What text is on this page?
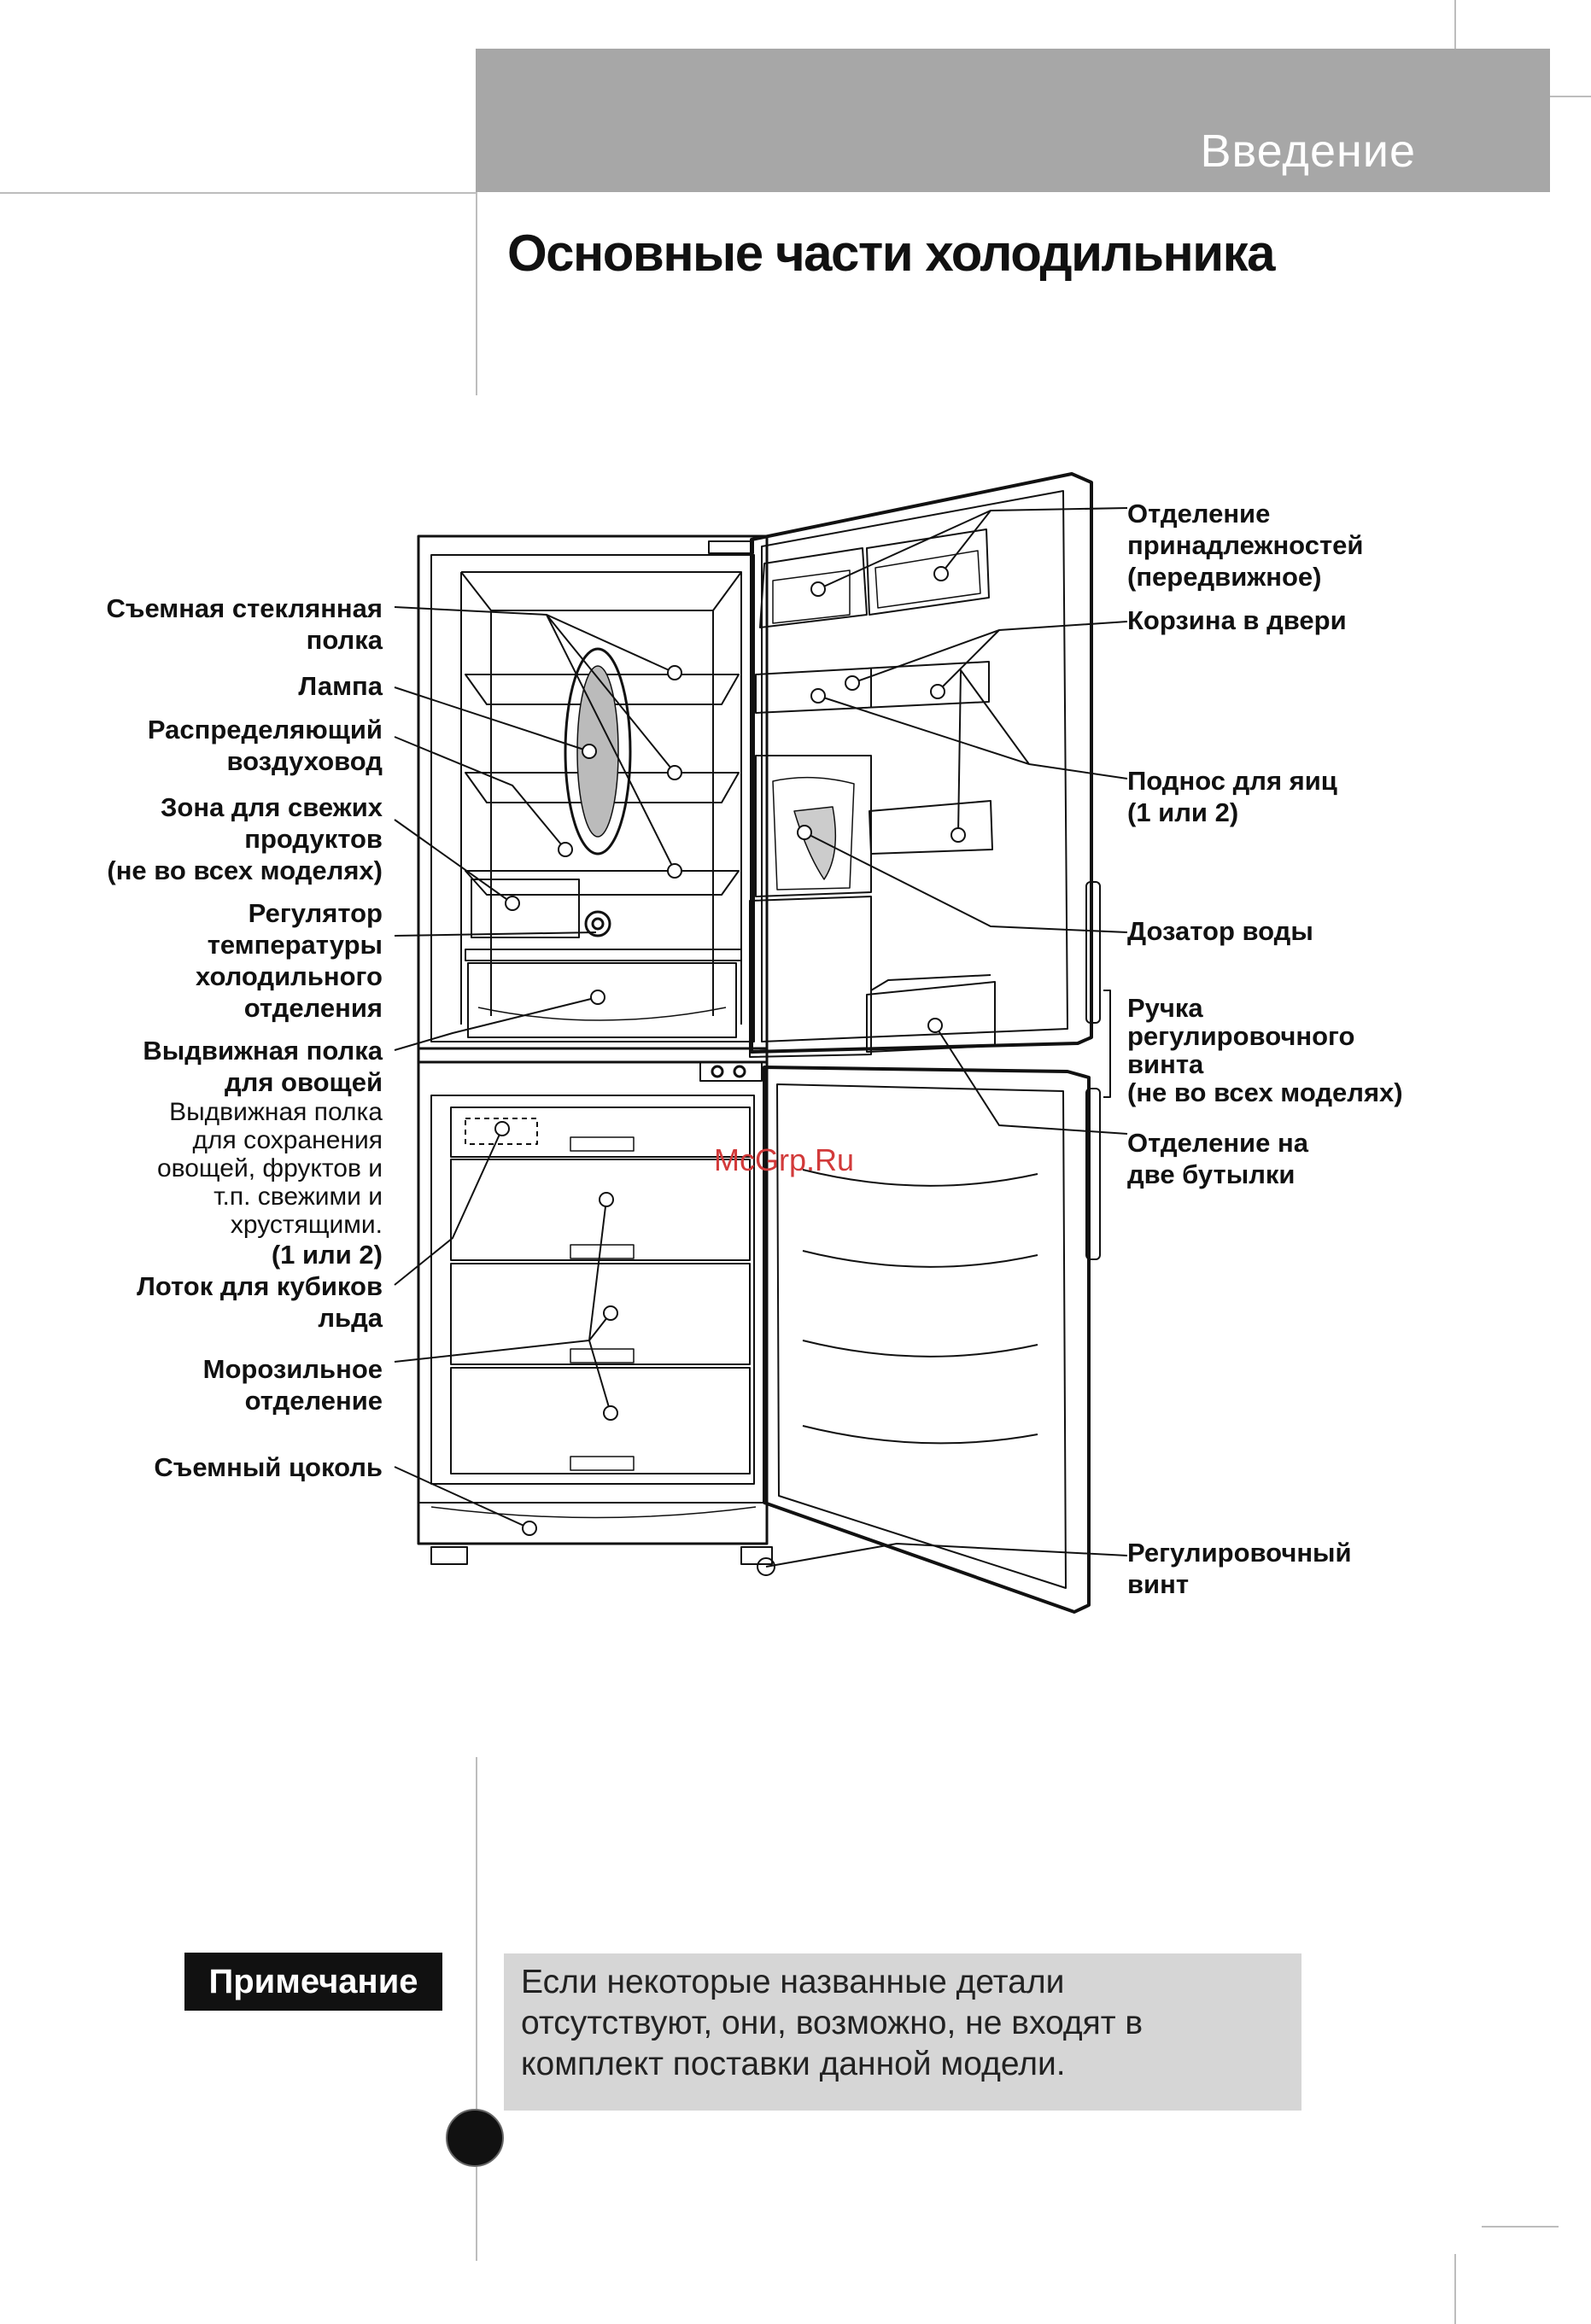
Введение
Основные части холодильника
Съемная стеклянная
полка
Лампа
Распределяющий
воздуховод
Зона для свежих
продуктов
(не во всех моделях)
Регулятор
температуры
холодильного
отделения
Выдвижная полка
для овощей
Выдвижная полка
для сохранения
овощей, фруктов и
т.п. свежими и
хрустящими.
(1 или 2)
Лоток для кубиков
льда
Морозильное
отделение
Съемный цоколь
Отделение
принадлежностей
(передвижное)
Корзина в двери
Поднос для яиц
(1 или 2)
Дозатор воды
Ручка
регулировочного
винта
(не во всех моделях)
Отделение на
две бутылки
Регулировочный
винт
McGrp.Ru
Примечание	Если некоторые названные детали
отсутствуют, они, возможно, не входят в
комплект поставки данной модели.
